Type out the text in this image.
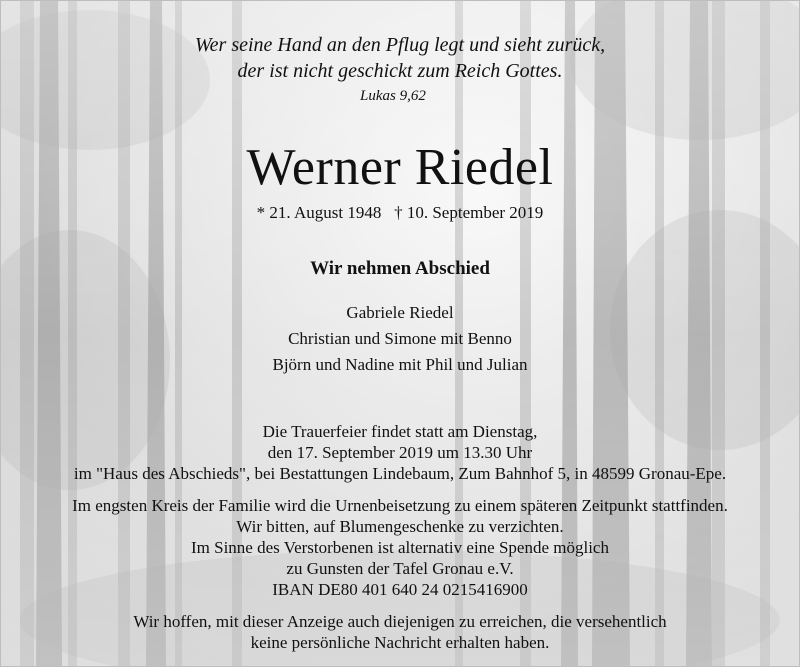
Wer seine Hand an den Pflug legt und sieht zurück,
der ist nicht geschickt zum Reich Gottes.
Lukas 9,62
Werner Riedel
* 21. August 1948   † 10. September 2019
Wir nehmen Abschied
Gabriele Riedel
Christian und Simone mit Benno
Björn und Nadine mit Phil und Julian
Die Trauerfeier findet statt am Dienstag,
den 17. September 2019 um 13.30 Uhr
im "Haus des Abschieds", bei Bestattungen Lindebaum, Zum Bahnhof 5, in 48599 Gronau-Epe.
Im engsten Kreis der Familie wird die Urnenbeisetzung zu einem späteren Zeitpunkt stattfinden.
Wir bitten, auf Blumengeschenke zu verzichten.
Im Sinne des Verstorbenen ist alternativ eine Spende möglich
zu Gunsten der Tafel Gronau e.V.
IBAN DE80 401 640 24 0215416900
Wir hoffen, mit dieser Anzeige auch diejenigen zu erreichen, die versehentlich
keine persönliche Nachricht erhalten haben.
